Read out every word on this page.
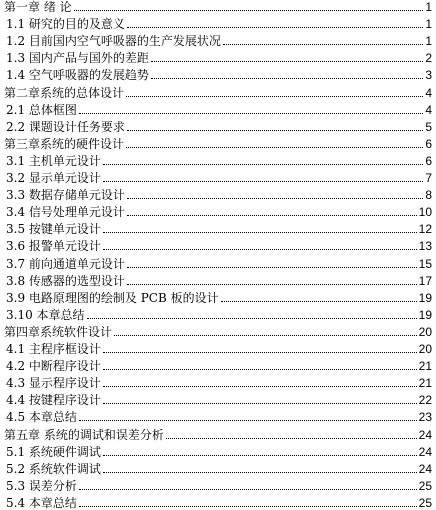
第一章 绪 论	1
1.1 研究的目的及意义	1
1.2 目前国内空气呼吸器的生产发展状况	1
1.3 国内产品与国外的差距	2
1.4 空气呼吸器的发展趋势	3
第二章系统的总体设计	4
2.1 总体框图	4
2.2 课题设计任务要求	5
第三章系统的硬件设计	6
3.1 主机单元设计	6
3.2 显示单元设计	7
3.3 数据存储单元设计	8
3.4 信号处理单元设计	10
3.5 按键单元设计	12
3.6 报警单元设计	13
3.7 前向通道单元设计	15
3.8 传感器的选型设计	17
3.9 电路原理图的绘制及 PCB 板的设计	19
3.10 本章总结	19
第四章系统软件设计	20
4.1 主程序框设计	20
4.2 中断程序设计	21
4.3 显示程序设计	21
4.4 按键程序设计	22
4.5 本章总结	23
第五章 系统的调试和误差分析	24
5.1 系统硬件调试	24
5.2 系统软件调试	24
5.3 误差分析	25
5.4 本章总结	25
